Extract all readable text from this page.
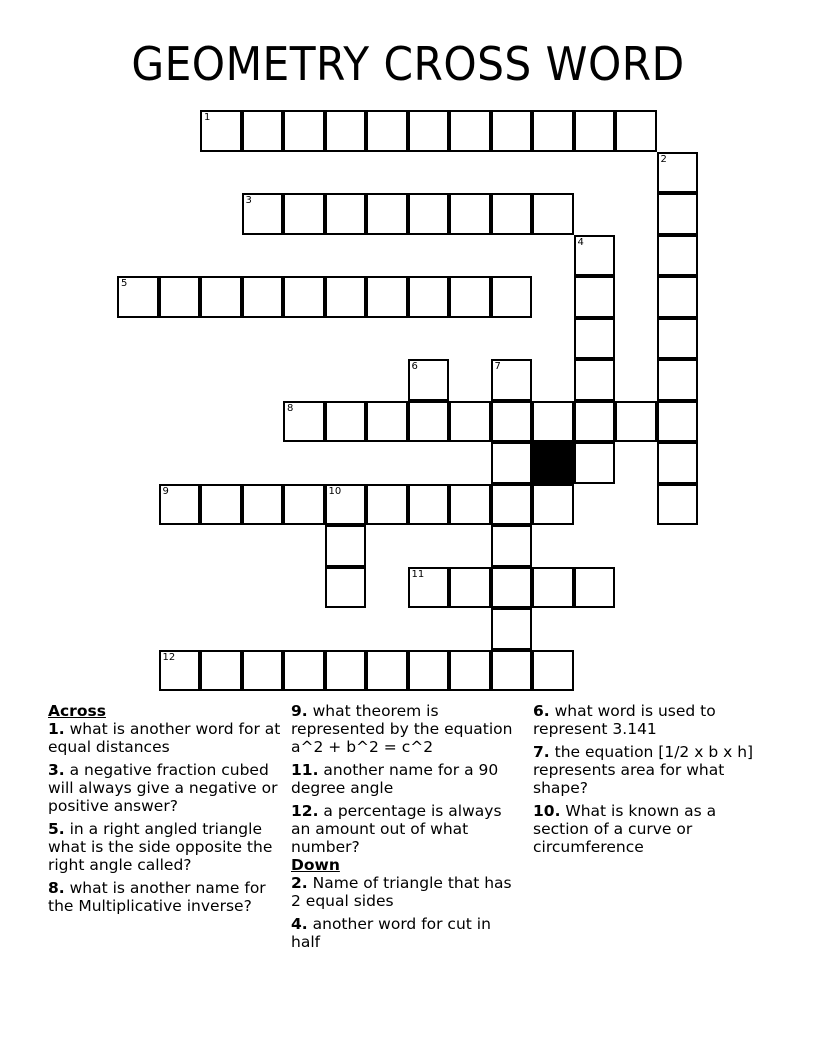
GEOMETRY CROSS WORD
1
2
3
4
5
6	7
8
9	10
11
12
Across
1. what is another word for at equal distances
3. a negative fraction cubed will always give a negative or positive answer?
5. in a right angled triangle what is the side opposite the right angle called?
8. what is another name for the Multiplicative inverse?
9. what theorem is represented by the equation a^2 + b^2 = c^2
11. another name for a 90 degree angle
12. a percentage is always an amount out of what number?
Down
2. Name of triangle that has 2 equal sides
4. another word for cut in half
6. what word is used to represent 3.141
7. the equation [1/2 x b x h] represents area for what shape?
10. What is known as a section of a curve or circumference
